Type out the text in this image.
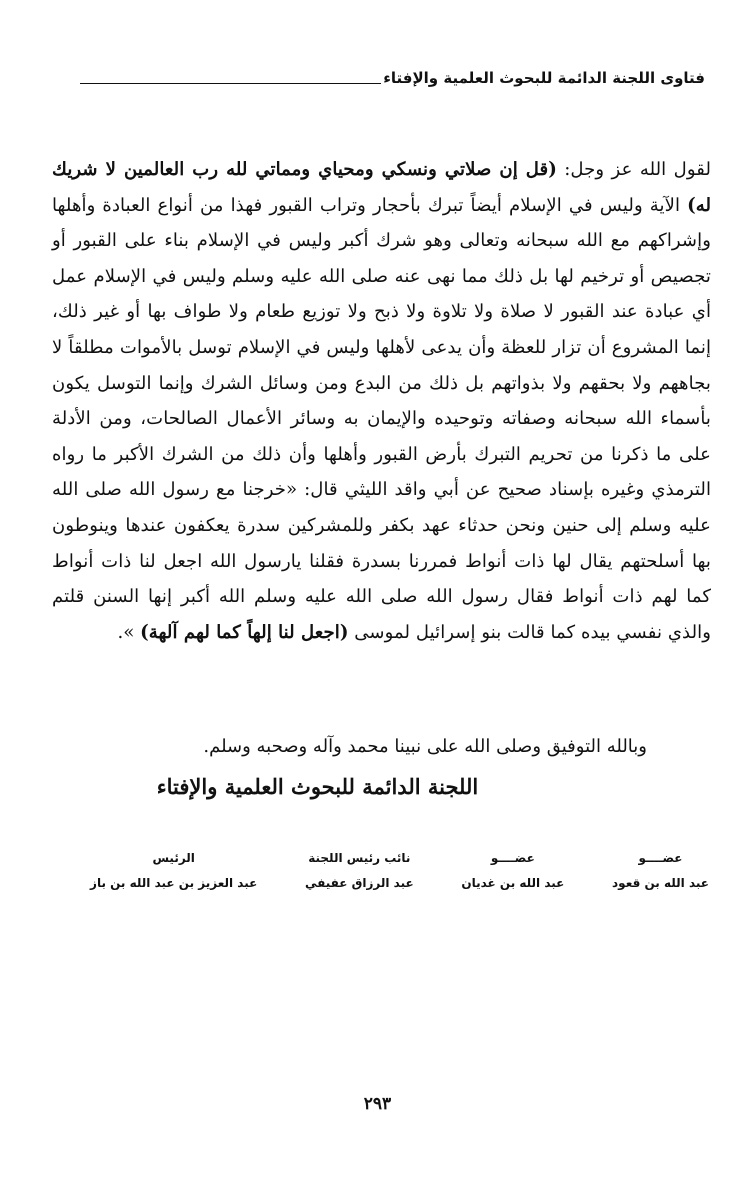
فتاوى اللجنة الدائمة للبحوث العلمية والإفتاء

لقول الله عز وجل: (قل إن صلاتي ونسكي ومحياي ومماتي لله رب العالمين لا شريك له) الآية وليس في الإسلام أيضاً تبرك بأحجار وتراب القبور فهذا من أنواع العبادة وأهلها وإشراكهم مع الله سبحانه وتعالى وهو شرك أكبر وليس في الإسلام بناء على القبور أو تجصيص أو ترخيم لها بل ذلك مما نهى عنه صلى الله عليه وسلم وليس في الإسلام عمل أي عبادة عند القبور لا صلاة ولا تلاوة ولا ذبح ولا توزيع طعام ولا طواف بها أو غير ذلك، إنما المشروع أن تزار للعظة وأن يدعى لأهلها وليس في الإسلام توسل بالأموات مطلقاً لا بجاههم ولا بحقهم ولا بذواتهم بل ذلك من البدع ومن وسائل الشرك وإنما التوسل يكون بأسماء الله سبحانه وصفاته وتوحيده والإيمان به وسائر الأعمال الصالحات، ومن الأدلة على ما ذكرنا من تحريم التبرك بأرض القبور وأهلها وأن ذلك من الشرك الأكبر ما رواه الترمذي وغيره بإسناد صحيح عن أبي واقد الليثي قال: «خرجنا مع رسول الله صلى الله عليه وسلم إلى حنين ونحن حدثاء عهد بكفر وللمشركين سدرة يعكفون عندها وينوطون بها أسلحتهم يقال لها ذات أنواط فمررنا بسدرة فقلنا يارسول الله اجعل لنا ذات أنواط كما لهم ذات أنواط فقال رسول الله صلى الله عليه وسلم الله أكبر إنها السنن قلتم والذي نفسي بيده كما قالت بنو إسرائيل لموسى (اجعل لنا إلهاً كما لهم آلهة) ».

وبالله التوفيق وصلى الله على نبينا محمد وآله وصحبه وسلم.
اللجنة الدائمة للبحوث العلمية والإفتاء
عضــــو
عبد الله بن قعود
عضــــو
عبد الله بن غديان
نائب رئيس اللجنة
عبد الرزاق عفيفي
الرئيس
عبد العزيز بن عبد الله بن باز
٢٩٣
